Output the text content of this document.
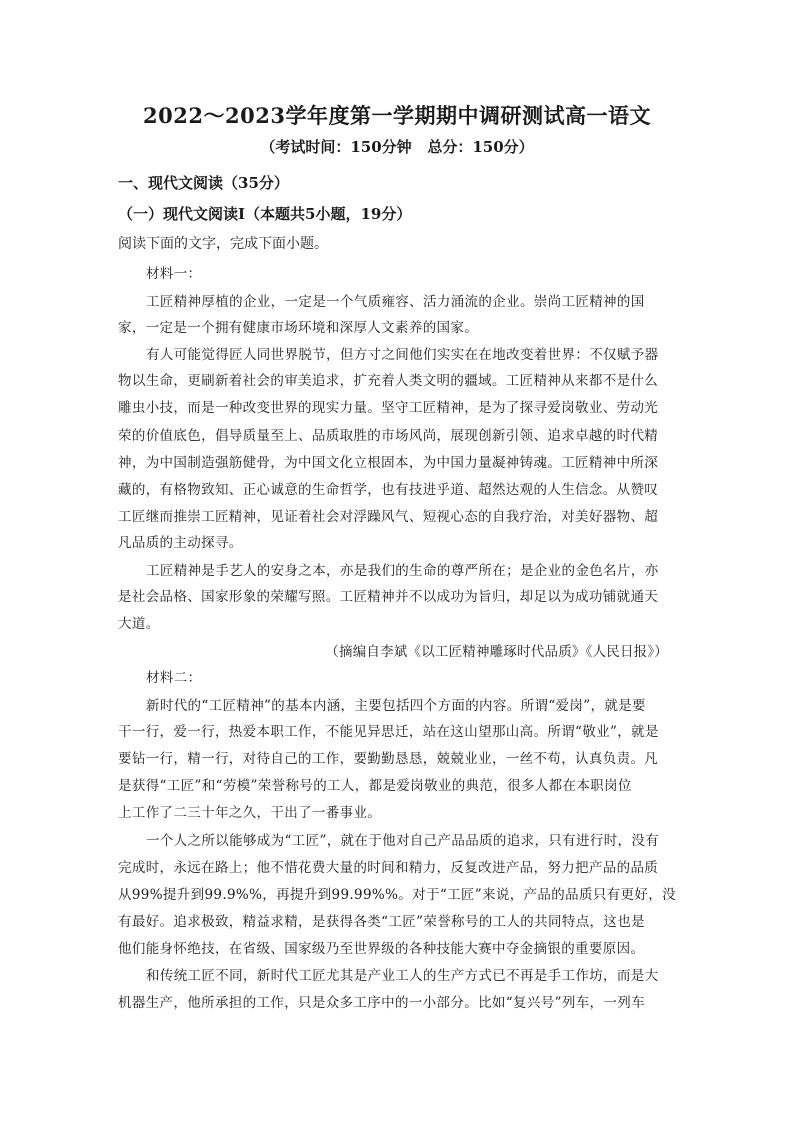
2022～2023学年度第一学期期中调研测试高一语文
（考试时间：150分钟   总分：150分）
一、现代文阅读（35分）
（一）现代文阅读Ⅰ（本题共5小题，19分）
阅读下面的文字，完成下面小题。
材料一：
工匠精神厚植的企业，一定是一个气质雍容、活力涌流的企业。崇尚工匠精神的国
家，一定是一个拥有健康市场环境和深厚人文素养的国家。
有人可能觉得匠人同世界脱节，但方寸之间他们实实在在地改变着世界：不仅赋予器
物以生命，更刷新着社会的审美追求，扩充着人类文明的疆域。工匠精神从来都不是什么
雕虫小技，而是一种改变世界的现实力量。坚守工匠精神，是为了探寻爱岗敬业、劳动光
荣的价值底色，倡导质量至上、品质取胜的市场风尚，展现创新引领、追求卓越的时代精
神，为中国制造强筋健骨，为中国文化立根固本，为中国力量凝神铸魂。工匠精神中所深
藏的，有格物致知、正心诚意的生命哲学，也有技进乎道、超然达观的人生信念。从赞叹
工匠继而推崇工匠精神，见证着社会对浮躁风气、短视心态的自我疗治，对美好器物、超
凡品质的主动探寻。
工匠精神是手艺人的安身之本，亦是我们的生命的尊严所在；是企业的金色名片，亦
是社会品格、国家形象的荣耀写照。工匠精神并不以成功为旨归，却足以为成功铺就通天
大道。
（摘编自李斌《以工匠精神雕琢时代品质》《人民日报》）
材料二：
新时代的“工匠精神”的基本内涵，主要包括四个方面的内容。所谓“爱岗”，就是要
干一行，爱一行，热爱本职工作，不能见异思迁，站在这山望那山高。所谓“敬业”，就是
要钻一行，精一行，对待自己的工作，要勤勤恳恳，兢兢业业，一丝不苟，认真负责。凡
是获得“工匠”和“劳模”荣誉称号的工人，都是爱岗敬业的典范，很多人都在本职岗位
上工作了二三十年之久，干出了一番事业。
一个人之所以能够成为“工匠”，就在于他对自己产品品质的追求，只有进行时，没有
完成时，永远在路上；他不惜花费大量的时间和精力，反复改进产品，努力把产品的品质
从99%提升到99.9%%，再提升到99.99%%。对于“工匠”来说，产品的品质只有更好，没
有最好。追求极致，精益求精，是获得各类“工匠”荣誉称号的工人的共同特点，这也是
他们能身怀绝技，在省级、国家级乃至世界级的各种技能大赛中夺金摘银的重要原因。
和传统工匠不同，新时代工匠尤其是产业工人的生产方式已不再是手工作坊，而是大
机器生产，他所承担的工作，只是众多工序中的一小部分。比如“复兴号”列车，一列车
